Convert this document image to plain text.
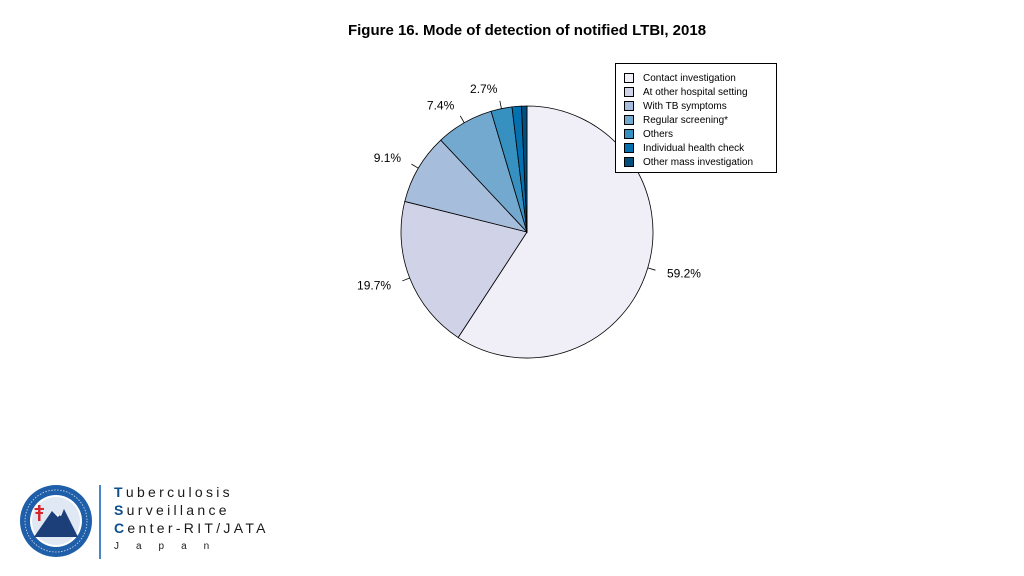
Figure 16. Mode of detection of notified LTBI, 2018
59.2%
19.7%
9.1%
7.4%
2.7%
Contact investigation
At other hospital setting
With TB symptoms
Regular screening*
Others
Individual health check
Other mass investigation
Tuberculosis
Surveillance
Center-RIT/JATA
Japan
